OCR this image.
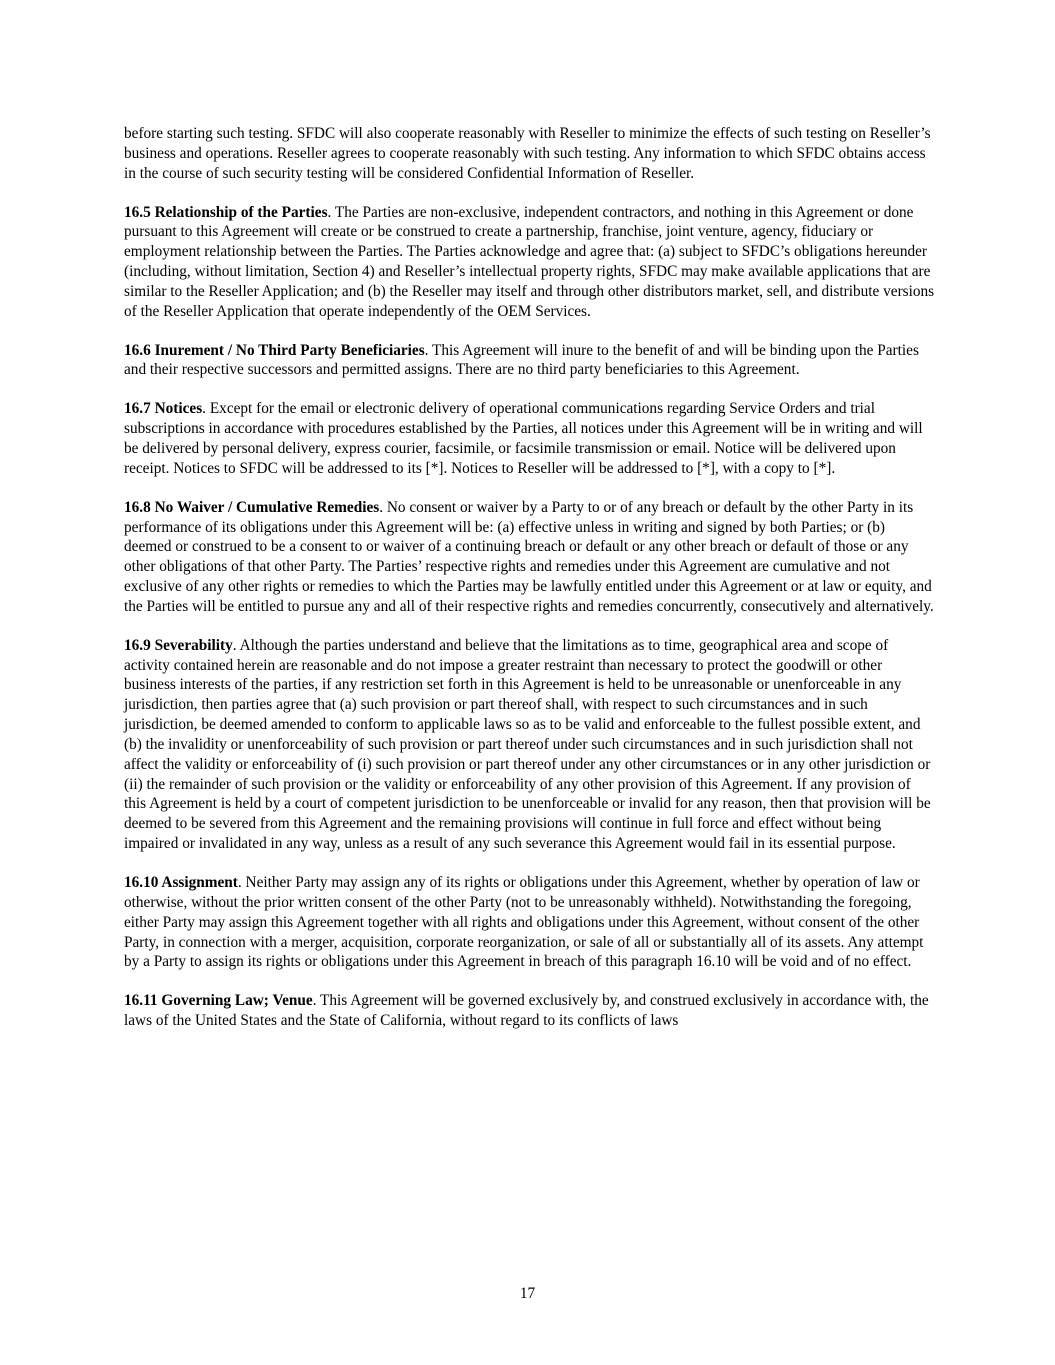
before starting such testing. SFDC will also cooperate reasonably with Reseller to minimize the effects of such testing on Reseller’s business and operations. Reseller agrees to cooperate reasonably with such testing. Any information to which SFDC obtains access in the course of such security testing will be considered Confidential Information of Reseller.

16.5 Relationship of the Parties. The Parties are non-exclusive, independent contractors, and nothing in this Agreement or done pursuant to this Agreement will create or be construed to create a partnership, franchise, joint venture, agency, fiduciary or employment relationship between the Parties. The Parties acknowledge and agree that: (a) subject to SFDC’s obligations hereunder (including, without limitation, Section 4) and Reseller’s intellectual property rights, SFDC may make available applications that are similar to the Reseller Application; and (b) the Reseller may itself and through other distributors market, sell, and distribute versions of the Reseller Application that operate independently of the OEM Services.

16.6 Inurement / No Third Party Beneficiaries. This Agreement will inure to the benefit of and will be binding upon the Parties and their respective successors and permitted assigns. There are no third party beneficiaries to this Agreement.

16.7 Notices. Except for the email or electronic delivery of operational communications regarding Service Orders and trial subscriptions in accordance with procedures established by the Parties, all notices under this Agreement will be in writing and will be delivered by personal delivery, express courier, facsimile, or facsimile transmission or email. Notice will be delivered upon receipt. Notices to SFDC will be addressed to its [*]. Notices to Reseller will be addressed to [*], with a copy to [*].

16.8 No Waiver / Cumulative Remedies. No consent or waiver by a Party to or of any breach or default by the other Party in its performance of its obligations under this Agreement will be: (a) effective unless in writing and signed by both Parties; or (b) deemed or construed to be a consent to or waiver of a continuing breach or default or any other breach or default of those or any other obligations of that other Party. The Parties’ respective rights and remedies under this Agreement are cumulative and not exclusive of any other rights or remedies to which the Parties may be lawfully entitled under this Agreement or at law or equity, and the Parties will be entitled to pursue any and all of their respective rights and remedies concurrently, consecutively and alternatively.

16.9 Severability. Although the parties understand and believe that the limitations as to time, geographical area and scope of activity contained herein are reasonable and do not impose a greater restraint than necessary to protect the goodwill or other business interests of the parties, if any restriction set forth in this Agreement is held to be unreasonable or unenforceable in any jurisdiction, then parties agree that (a) such provision or part thereof shall, with respect to such circumstances and in such jurisdiction, be deemed amended to conform to applicable laws so as to be valid and enforceable to the fullest possible extent, and (b) the invalidity or unenforceability of such provision or part thereof under such circumstances and in such jurisdiction shall not affect the validity or enforceability of (i) such provision or part thereof under any other circumstances or in any other jurisdiction or (ii) the remainder of such provision or the validity or enforceability of any other provision of this Agreement. If any provision of this Agreement is held by a court of competent jurisdiction to be unenforceable or invalid for any reason, then that provision will be deemed to be severed from this Agreement and the remaining provisions will continue in full force and effect without being impaired or invalidated in any way, unless as a result of any such severance this Agreement would fail in its essential purpose.

16.10 Assignment. Neither Party may assign any of its rights or obligations under this Agreement, whether by operation of law or otherwise, without the prior written consent of the other Party (not to be unreasonably withheld). Notwithstanding the foregoing, either Party may assign this Agreement together with all rights and obligations under this Agreement, without consent of the other Party, in connection with a merger, acquisition, corporate reorganization, or sale of all or substantially all of its assets. Any attempt by a Party to assign its rights or obligations under this Agreement in breach of this paragraph 16.10 will be void and of no effect.

16.11 Governing Law; Venue. This Agreement will be governed exclusively by, and construed exclusively in accordance with, the laws of the United States and the State of California, without regard to its conflicts of laws

17
